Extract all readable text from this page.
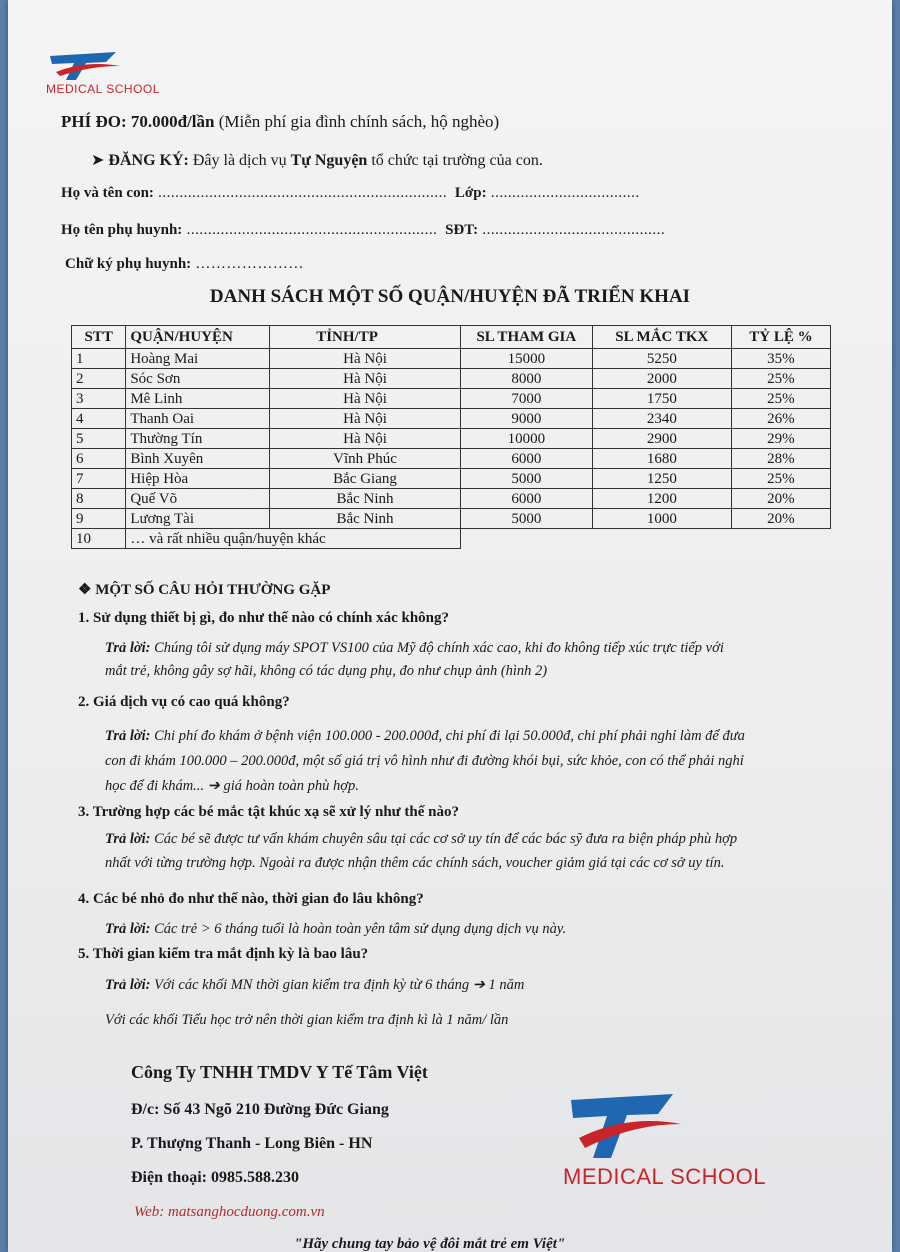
MEDICAL SCHOOL
PHÍ ĐO: 70.000đ/lần (Miễn phí gia đình chính sách, hộ nghèo)
➤ ĐĂNG KÝ: Đây là dịch vụ Tự Nguyện tổ chức tại trường của con.
Họ và tên con: .................................................................... Lớp: ...................................
Họ tên phụ huynh: ........................................................... SĐT: ...........................................
Chữ ký phụ huynh: …………………
DANH SÁCH MỘT SỐ QUẬN/HUYỆN ĐÃ TRIỂN KHAI
STT	QUẬN/HUYỆN	TỈNH/TP	SL THAM GIA	SL MẮC TKX	TỶ LỆ %
1	Hoàng Mai	Hà Nội	15000	5250	35%
2	Sóc Sơn	Hà Nội	8000	2000	25%
3	Mê Linh	Hà Nội	7000	1750	25%
4	Thanh Oai	Hà Nội	9000	2340	26%
5	Thường Tín	Hà Nội	10000	2900	29%
6	Bình Xuyên	Vĩnh Phúc	6000	1680	28%
7	Hiệp Hòa	Bắc Giang	5000	1250	25%
8	Quế Võ	Bắc Ninh	6000	1200	20%
9	Lương Tài	Bắc Ninh	5000	1000	20%
10	… và rất nhiều quận/huyện khác				
❖ MỘT SỐ CÂU HỎI THƯỜNG GẶP
1. Sử dụng thiết bị gì, đo như thế nào có chính xác không?
Trả lời: Chúng tôi sử dụng máy SPOT VS100 của Mỹ độ chính xác cao, khi đo không tiếp xúc trực tiếp với
mắt trẻ, không gây sợ hãi, không có tác dụng phụ, đo như chụp ảnh (hình 2)
2. Giá dịch vụ có cao quá không?
Trả lời: Chi phí đo khám ở bệnh viện 100.000 - 200.000đ, chi phí đi lại 50.000đ, chi phí phải nghỉ làm để đưa
con đi khám 100.000 – 200.000đ, một số giá trị vô hình như đi đường khói bụi, sức khỏe, con có thể phải nghỉ
học để đi khám... ➔ giá hoàn toàn phù hợp.
3. Trường hợp các bé mắc tật khúc xạ sẽ xử lý như thế nào?
Trả lời: Các bé sẽ được tư vấn khám chuyên sâu tại các cơ sở uy tín để các bác sỹ đưa ra biện pháp phù hợp
nhất với từng trường hợp. Ngoài ra được nhận thêm các chính sách, voucher giảm giá tại các cơ sở uy tín.
4. Các bé nhỏ đo như thế nào, thời gian đo lâu không?
Trả lời: Các trẻ > 6 tháng tuổi là hoàn toàn yên tâm sử dụng dụng dịch vụ này.
5. Thời gian kiểm tra mắt định kỳ là bao lâu?
Trả lời: Với các khối MN thời gian kiểm tra định kỳ từ 6 tháng ➔ 1 năm
Với các khối Tiểu học trở nên thời gian kiểm tra định kì là 1 năm/ lần
Công Ty TNHH TMDV Y Tế Tâm Việt
Đ/c: Số 43 Ngõ 210 Đường Đức Giang
P. Thượng Thanh - Long Biên - HN
Điện thoại: 0985.588.230
Web: matsanghocduong.com.vn
MEDICAL SCHOOL
"Hãy chung tay bảo vệ đôi mắt trẻ em Việt"
